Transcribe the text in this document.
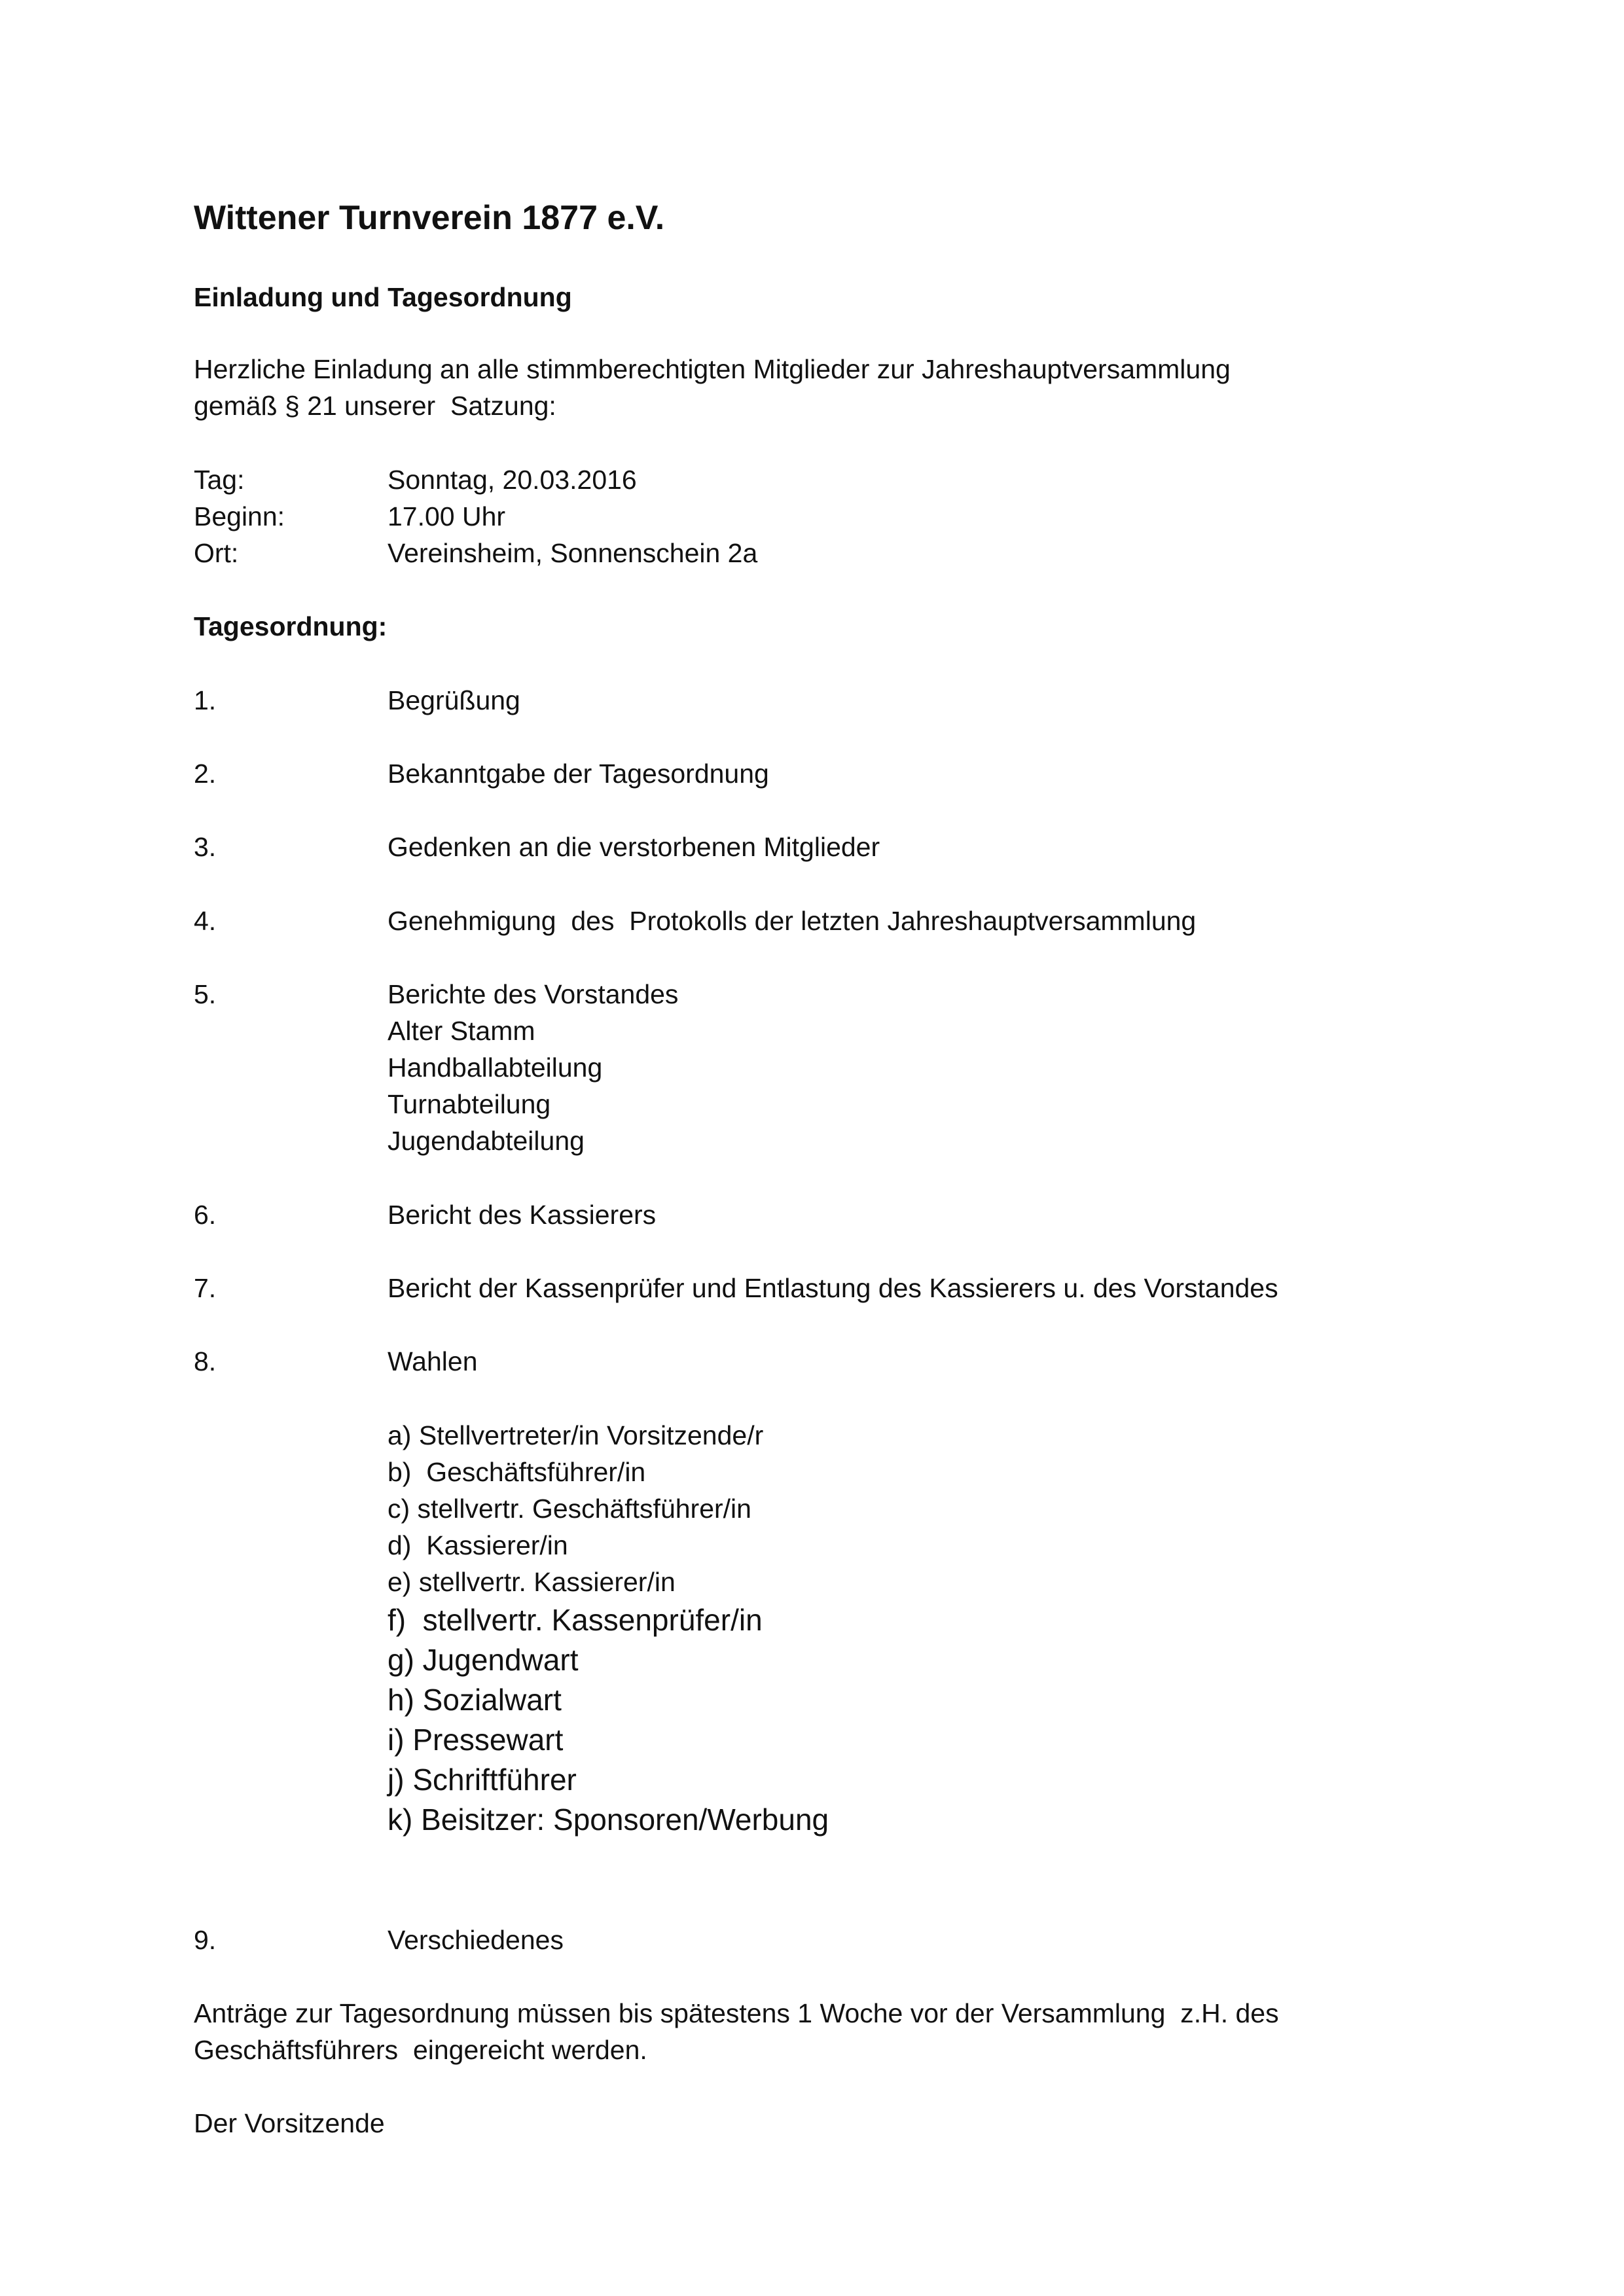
Wittener Turnverein 1877 e.V.
Einladung und Tagesordnung
Herzliche Einladung an alle stimmberechtigten Mitglieder zur Jahreshauptversammlung
gemäß § 21 unserer  Satzung:
Tag:	Sonntag, 20.03.2016
Beginn:	17.00 Uhr
Ort:	Vereinsheim, Sonnenschein 2a
Tagesordnung:
1.	Begrüßung
2.	Bekanntgabe der Tagesordnung
3.	Gedenken an die verstorbenen Mitglieder
4.	Genehmigung  des  Protokolls der letzten Jahreshauptversammlung
5.	Berichte des Vorstandes
Alter Stamm
Handballabteilung
Turnabteilung
Jugendabteilung
6.	Bericht des Kassierers
7.	Bericht der Kassenprüfer und Entlastung des Kassierers u. des Vorstandes
8.	Wahlen
a) Stellvertreter/in Vorsitzende/r
b)  Geschäftsführer/in
c) stellvertr. Geschäftsführer/in
d)  Kassierer/in
e) stellvertr. Kassierer/in
f)  stellvertr. Kassenprüfer/in
g) Jugendwart
h) Sozialwart
i) Pressewart
j) Schriftführer
k) Beisitzer: Sponsoren/Werbung
9.	Verschiedenes
Anträge zur Tagesordnung müssen bis spätestens 1 Woche vor der Versammlung  z.H. des
Geschäftsführers  eingereicht werden.
Der Vorsitzende
